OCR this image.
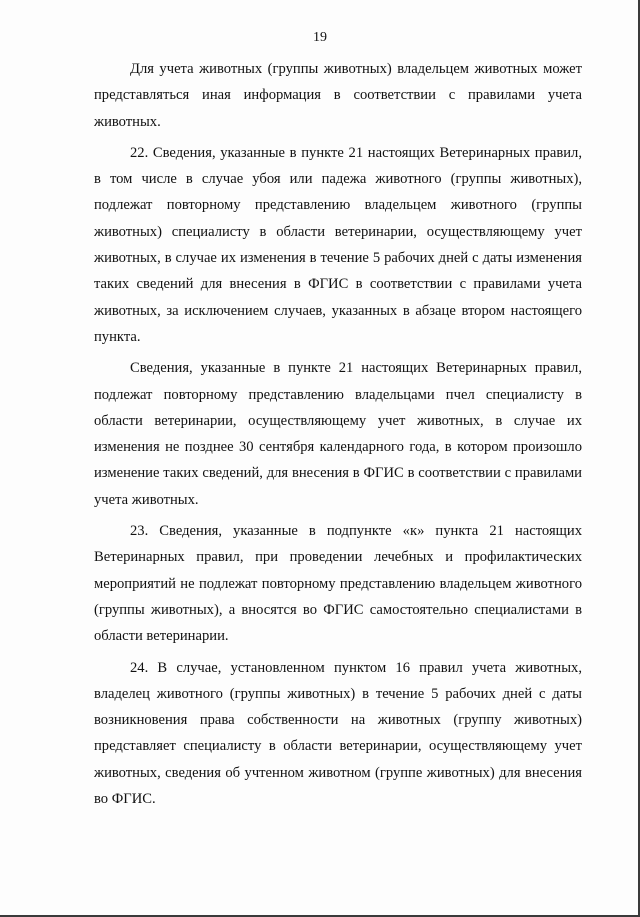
19

Для учета животных (группы животных) владельцем животных может представляться иная информация в соответствии с правилами учета животных.

22. Сведения, указанные в пункте 21 настоящих Ветеринарных правил, в том числе в случае убоя или падежа животного (группы животных), подлежат повторному представлению владельцем животного (группы животных) специалисту в области ветеринарии, осуществляющему учет животных, в случае их изменения в течение 5 рабочих дней с даты изменения таких сведений для внесения в ФГИС в соответствии с правилами учета животных, за исключением случаев, указанных в абзаце втором настоящего пункта.

Сведения, указанные в пункте 21 настоящих Ветеринарных правил, подлежат повторному представлению владельцами пчел специалисту в области ветеринарии, осуществляющему учет животных, в случае их изменения не позднее 30 сентября календарного года, в котором произошло изменение таких сведений, для внесения в ФГИС в соответствии с правилами учета животных.

23. Сведения, указанные в подпункте «к» пункта 21 настоящих Ветеринарных правил, при проведении лечебных и профилактических мероприятий не подлежат повторному представлению владельцем животного (группы животных), а вносятся во ФГИС самостоятельно специалистами в области ветеринарии.

24. В случае, установленном пунктом 16 правил учета животных, владелец животного (группы животных) в течение 5 рабочих дней с даты возникновения права собственности на животных (группу животных) представляет специалисту в области ветеринарии, осуществляющему учет животных, сведения об учтенном животном (группе животных) для внесения во ФГИС.
